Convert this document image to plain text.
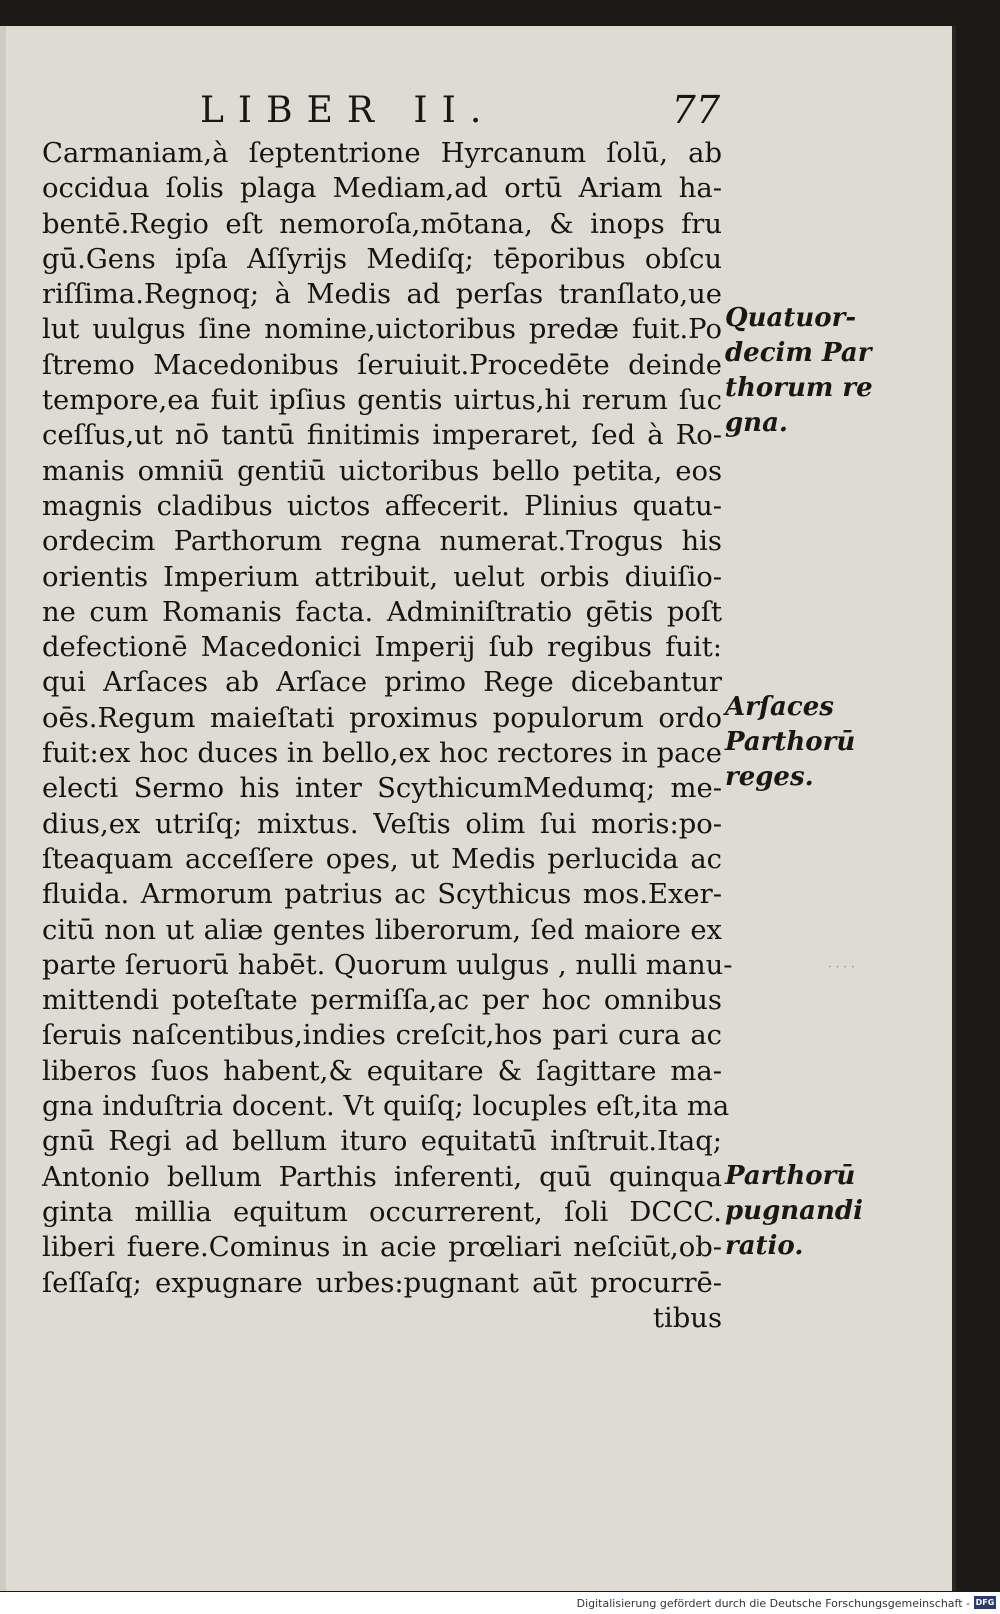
LIBER II.	77
Carmaniam,à ſeptentrione Hyrcanum ſolū, ab
occidua ſolis plaga Mediam,ad ortū Ariam ha-
bentē.Regio eſt nemoroſa,mōtana, & inops fru
gū.Gens ipſa Aſſyrijs Mediſq; tēporibus obſcu
riſſima.Regnoq; à Medis ad perſas tranſlato,ue
lut uulgus ſine nomine,uictoribus predæ fuit.Po
ſtremo Macedonibus ſeruiuit.Procedēte deinde
tempore,ea fuit ipſius gentis uirtus,hi rerum ſuc
ceſſus,ut nō tantū finitimis imperaret, ſed à Ro-
manis omniū gentiū uictoribus bello petita, eos
magnis cladibus uictos affecerit. Plinius quatu-
ordecim Parthorum regna numerat.Trogus his
orientis Imperium attribuit, uelut orbis diuiſio-
ne cum Romanis facta. Adminiſtratio gētis poſt
defectionē Macedonici Imperij ſub regibus fuit:
qui Arſaces ab Arſace primo Rege dicebantur
oēs.Regum maieſtati proximus populorum ordo
fuit:ex hoc duces in bello,ex hoc rectores in pace
electi Sermo his inter ScythicumMedumq; me-
dius,ex utriſq; mixtus. Veſtis olim ſui moris:po-
ſteaquam acceſſere opes, ut Medis perlucida ac
fluida. Armorum patrius ac Scythicus mos.Exer-
citū non ut aliæ gentes liberorum, ſed maiore ex
parte ſeruorū habēt. Quorum uulgus , nulli manu-
mittendi poteſtate permiſſa,ac per hoc omnibus
ſeruis naſcentibus,indies creſcit,hos pari cura ac
liberos ſuos habent,& equitare & ſagittare ma-
gna induſtria docent. Vt quiſq; locuples eſt,ita ma
gnū Regi ad bellum ituro equitatū inſtruit.Itaq;
Antonio bellum Parthis inferenti, quū quinqua
ginta millia equitum occurrerent, ſoli DCCC.
liberi fuere.Cominus in acie prœliari neſciūt,ob-
ſeſſaſq; expugnare urbes:pugnant aūt procurrē-
tibus
Quatuor-
decim Par
thorum re
gna.
Arſaces
Parthorū
reges.
Parthorū
pugnandi
ratio.
· · · ·
Digitalisierung gefördert durch die Deutsche Forschungsgemeinschaft - DFG
